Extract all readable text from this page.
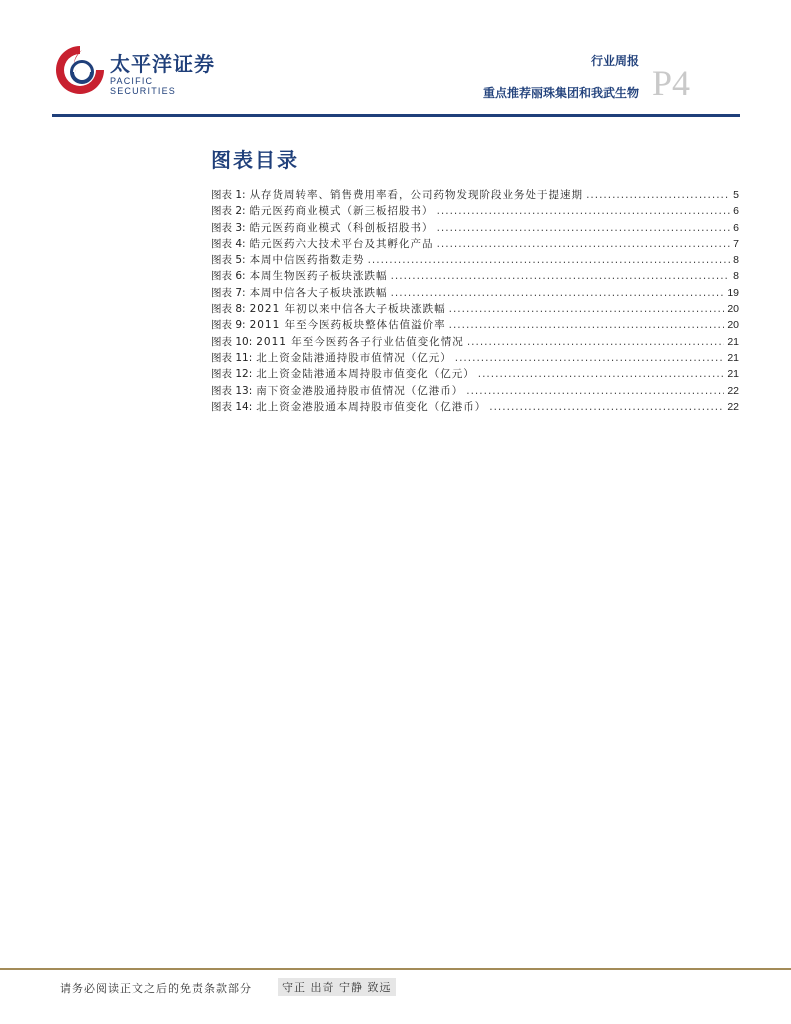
太平洋证券
PACIFIC SECURITIES
行业周报
重点推荐丽珠集团和我武生物 P4
图表目录
图表 1: 从存货周转率、销售费用率看，公司药物发现阶段业务处于提速期 .....	5
图表 2: 皓元医药商业模式（新三板招股书） .....	6
图表 3: 皓元医药商业模式（科创板招股书） .....	6
图表 4: 皓元医药六大技术平台及其孵化产品 .....	7
图表 5: 本周中信医药指数走势 .....	8
图表 6: 本周生物医药子板块涨跌幅 .....	8
图表 7: 本周中信各大子板块涨跌幅 .....	19
图表 8: 2021 年初以来中信各大子板块涨跌幅 .....	20
图表 9: 2011 年至今医药板块整体估值溢价率 .....	20
图表 10: 2011 年至今医药各子行业估值变化情况 .....	21
图表 11: 北上资金陆港通持股市值情况（亿元） .....	21
图表 12: 北上资金陆港通本周持股市值变化（亿元） .....	21
图表 13: 南下资金港股通持股市值情况（亿港币） .....	22
图表 14: 北上资金港股通本周持股市值变化（亿港币） .....	22
请务必阅读正文之后的免责条款部分	守正 出奇 宁静 致远
